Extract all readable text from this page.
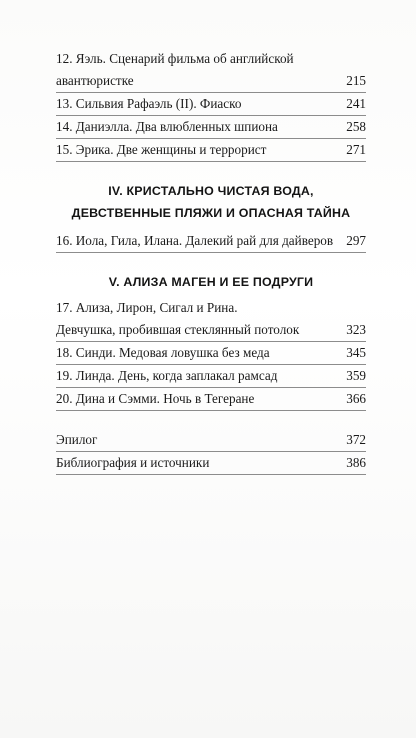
12. Яэль. Сценарий фильма об английской
авантюристке	215
13. Сильвия Рафаэль (II). Фиаско	241
14. Даниэлла. Два влюбленных шпиона	258
15. Эрика. Две женщины и террорист	271
IV. КРИСТАЛЬНО ЧИСТАЯ ВОДА,
ДЕВСТВЕННЫЕ ПЛЯЖИ И ОПАСНАЯ ТАЙНА
16. Иола, Гила, Илана. Далекий рай для дайверов 297
V. АЛИЗА МАГЕН И ЕЕ ПОДРУГИ
17. Ализа, Лирон, Сигал и Рина.
Девчушка, пробившая стеклянный потолок	323
18. Синди. Медовая ловушка без меда	345
19. Линда. День, когда заплакал рамсад	359
20. Дина и Сэмми. Ночь в Тегеране	366
Эпилог	372
Библиография и источники	386
